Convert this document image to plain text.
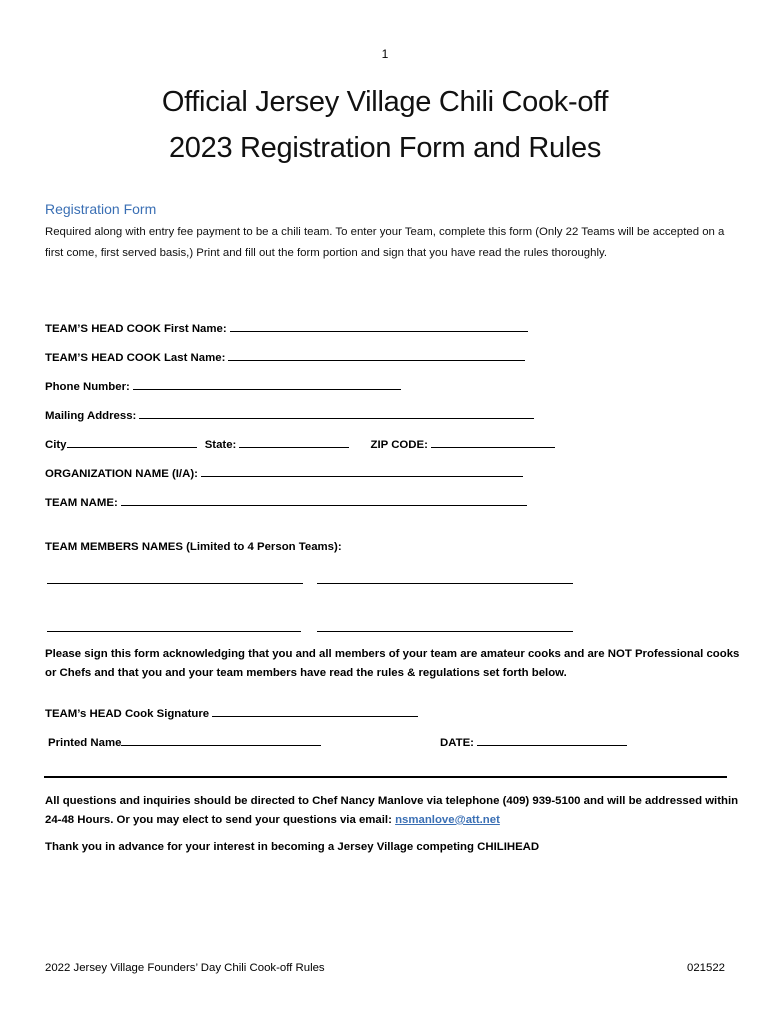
1
Official Jersey Village Chili Cook-off
2023 Registration Form and Rules
Registration Form
Required along with entry fee payment to be a chili team. To enter your Team, complete this form (Only 22 Teams will be accepted on a first come, first served basis,) Print and fill out the form portion and sign that you have read the rules thoroughly.
TEAM’S HEAD COOK First Name:
TEAM’S HEAD COOK Last Name:
Phone Number:
Mailing Address:
City	State:	ZIP CODE:
ORGANIZATION NAME (I/A):
TEAM NAME:
TEAM MEMBERS NAMES (Limited to 4 Person Teams):
Please sign this form acknowledging that you and all members of your team are amateur cooks and are NOT Professional cooks or Chefs and that you and your team members have read the rules & regulations set forth below.
TEAM’s HEAD Cook Signature
Printed Name	DATE:
All questions and inquiries should be directed to Chef Nancy Manlove via telephone (409) 939-5100 and will be addressed within 24-48 Hours. Or you may elect to send your questions via email: nsmanlove@att.net
Thank you in advance for your interest in becoming a Jersey Village competing CHILIHEAD
2022 Jersey Village Founders’ Day Chili Cook-off Rules	021522
